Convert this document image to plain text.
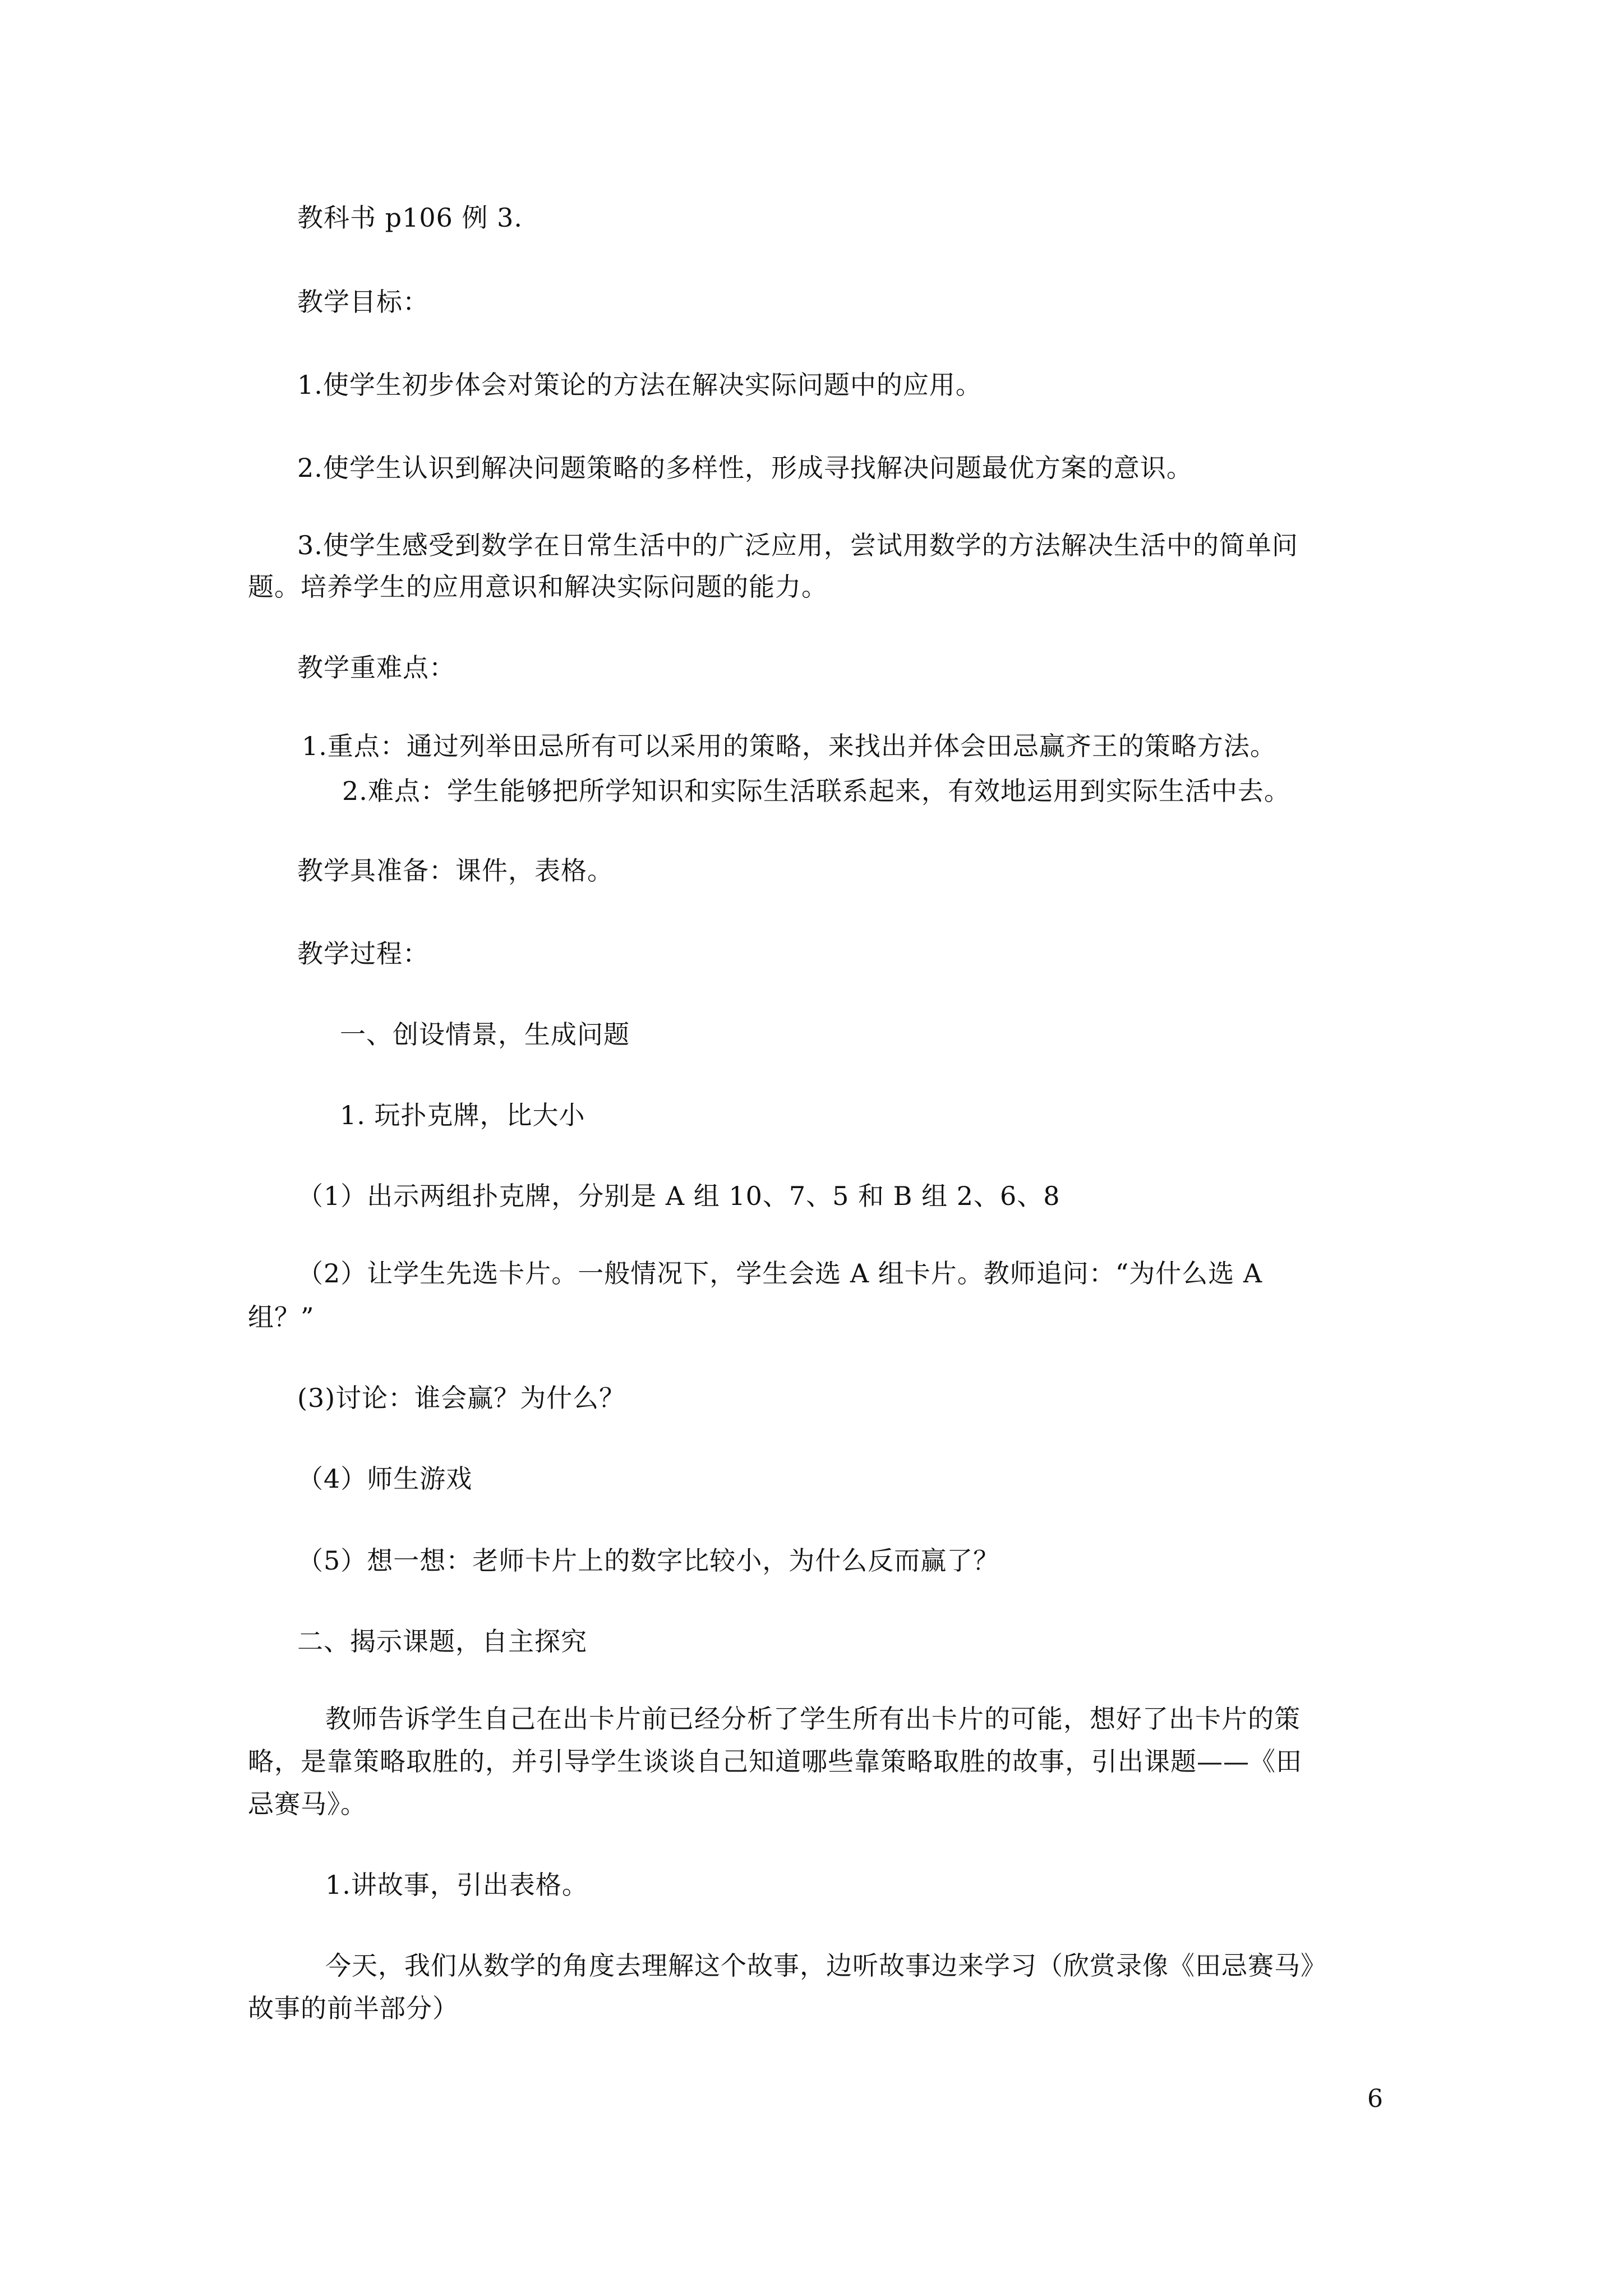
教科书 p106 例 3.
教学目标：
1.使学生初步体会对策论的方法在解决实际问题中的应用。
2.使学生认识到解决问题策略的多样性，形成寻找解决问题最优方案的意识。
3.使学生感受到数学在日常生活中的广泛应用，尝试用数学的方法解决生活中的简单问
题。培养学生的应用意识和解决实际问题的能力。
教学重难点：
1.重点：通过列举田忌所有可以采用的策略，来找出并体会田忌赢齐王的策略方法。
2.难点：学生能够把所学知识和实际生活联系起来，有效地运用到实际生活中去。
教学具准备：课件，表格。
教学过程：
一、创设情景，生成问题
1. 玩扑克牌，比大小
（1）出示两组扑克牌，分别是 A 组 10、7、5 和 B 组 2、6、8
（2）让学生先选卡片。一般情况下，学生会选 A 组卡片。教师追问：“为什么选 A
组？”
(3)讨论：谁会赢？为什么？
（4）师生游戏
（5）想一想：老师卡片上的数字比较小，为什么反而赢了？
二、揭示课题，自主探究
教师告诉学生自己在出卡片前已经分析了学生所有出卡片的可能，想好了出卡片的策
略，是靠策略取胜的，并引导学生谈谈自己知道哪些靠策略取胜的故事，引出课题——《田
忌赛马》。
1.讲故事，引出表格。
今天，我们从数学的角度去理解这个故事，边听故事边来学习（欣赏录像《田忌赛马》
故事的前半部分）
6
